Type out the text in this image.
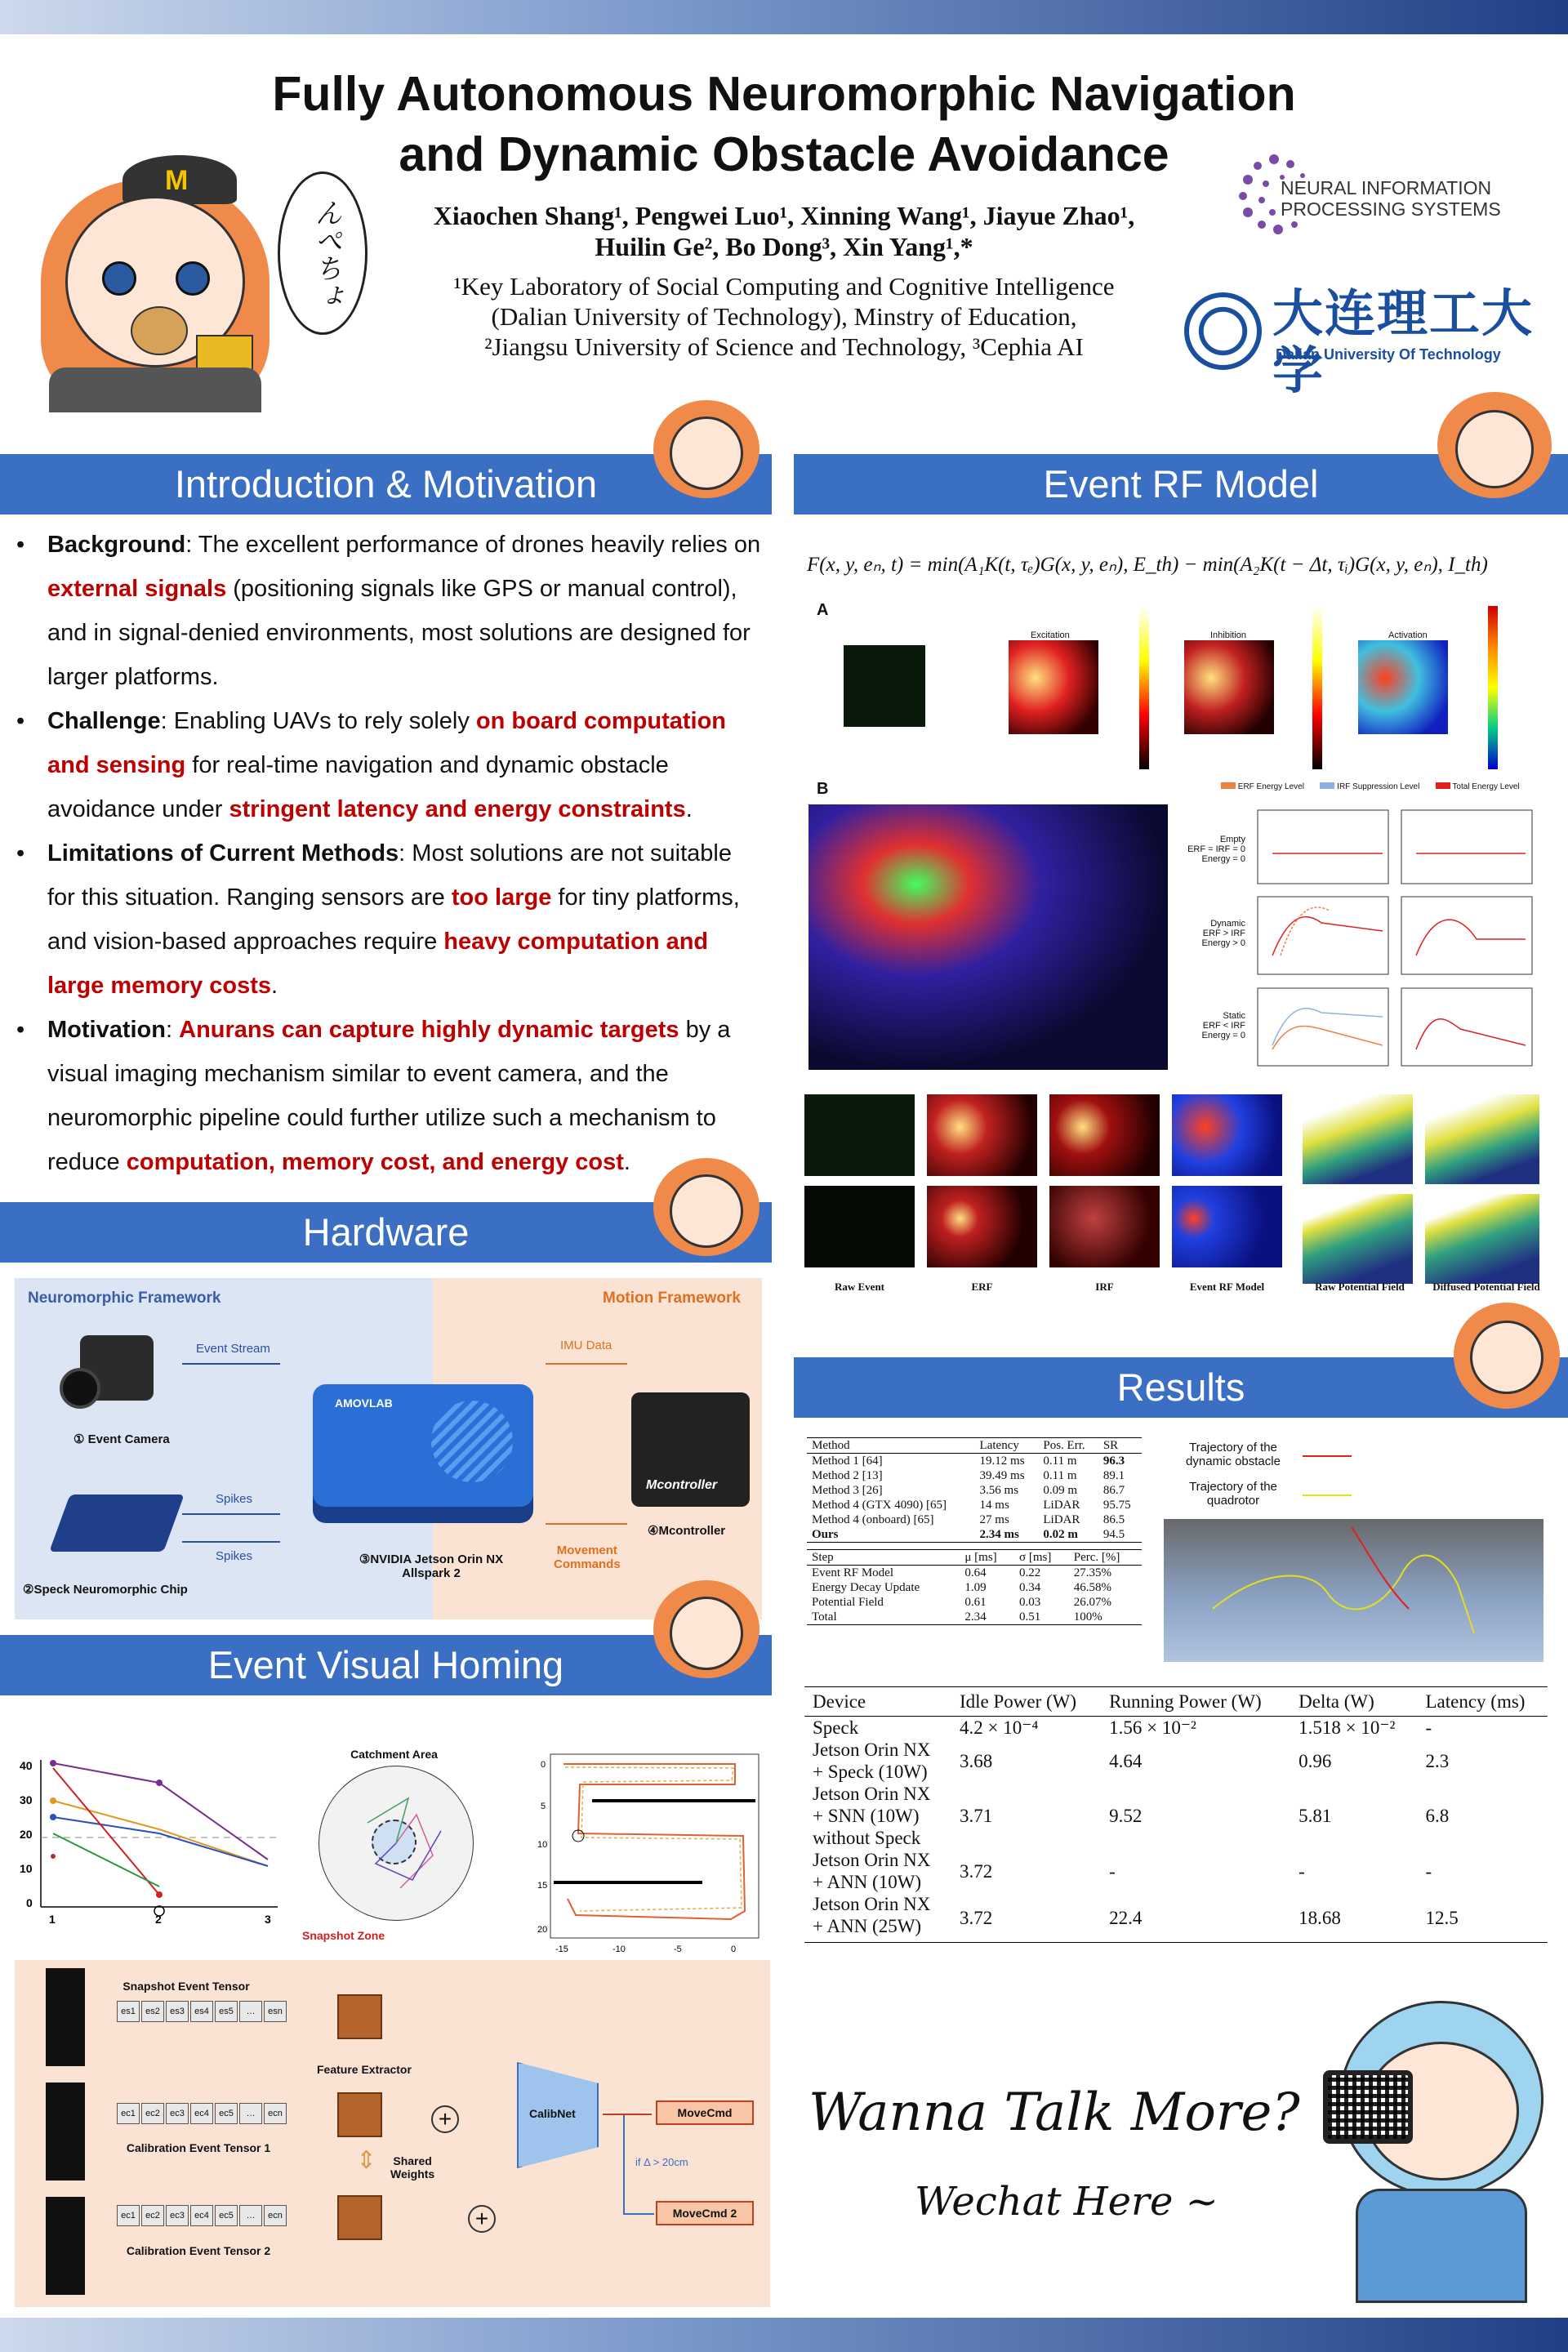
M
んぺちょ
Fully Autonomous Neuromorphic Navigation
and Dynamic Obstacle Avoidance
Xiaochen Shang¹, Pengwei Luo¹, Xinning Wang¹, Jiayue Zhao¹,
Huilin Ge², Bo Dong³, Xin Yang¹,*
¹Key Laboratory of Social Computing and Cognitive Intelligence
(Dalian University of Technology), Minstry of Education,
²Jiangsu University of Science and Technology, ³Cephia AI
NEURAL INFORMATION
PROCESSING SYSTEMS
大连理工大学
Dalian University Of Technology
Introduction & Motivation
• Background: The excellent performance of drones heavily relies on external signals (positioning signals like GPS or manual control), and in signal-denied environments, most solutions are designed for larger platforms.
• Challenge: Enabling UAVs to rely solely on board computation and sensing for real-time navigation and dynamic obstacle avoidance under stringent latency and energy constraints.
• Limitations of Current Methods: Most solutions are not suitable for this situation. Ranging sensors are too large for tiny platforms, and vision-based approaches require heavy computation and large memory costs.
• Motivation: Anurans can capture highly dynamic targets by a visual imaging mechanism similar to event camera, and the neuromorphic pipeline could further utilize such a mechanism to reduce computation, memory cost, and energy cost.
Hardware
Neuromorphic Framework	Motion Framework
① Event Camera
Event Stream
②Speck Neuromorphic Chip
Spikes
Spikes
AMOVLAB
③NVIDIA Jetson Orin NX
Allspark 2
IMU Data
Movement
Commands
Mcontroller
④Mcontroller
Event Visual Homing
40
30
20
10
0
1	2	3
Catchment Area
Snapshot Zone
-15	-10	-5	0
0
5
10
15
20
Snapshot Event Tensor
es1 es2 es3 es4 es5 … esn
ec1 ec2 ec3 ec4 ec5 … ecn
Calibration Event Tensor 1
ec1 ec2 ec3 ec4 ec5 … ecn
Calibration Event Tensor 2
Feature Extractor
Shared
Weights
⇕
+
+
CalibNet	MoveCmd
if Δ > 20cm
MoveCmd 2
Event RF Model
F(x, y, eₙ, t) = min(A₁K(t, τₑ)G(x, y, eₙ), E_th) − min(A₂K(t − Δt, τᵢ)G(x, y, eₙ), I_th)
A
Excitation	Inhibition	Activation
B	ERF Energy Level	IRF Suppression Level	Total Energy Level
Empty
ERF = IRF = 0
Energy = 0
Dynamic
ERF > IRF
Energy > 0
Static
ERF < IRF
Energy = 0
Raw Event	ERF	IRF	Event RF Model	Raw Potential Field	Diffused Potential Field
Results
Method	Latency	Pos. Err.	SR
Method 1 [64]	19.12 ms	0.11 m	96.3
Method 2 [13]	39.49 ms	0.11 m	89.1
Method 3 [26]	3.56 ms	0.09 m	86.7
Method 4 (GTX 4090) [65]	14 ms	LiDAR	95.75
Method 4 (onboard) [65]	27 ms	LiDAR	86.5
Ours	2.34 ms	0.02 m	94.5
Step	μ [ms]	σ [ms]	Perc. [%]
Event RF Model	0.64	0.22	27.35%
Energy Decay Update	1.09	0.34	46.58%
Potential Field	0.61	0.03	26.07%
Total	2.34	0.51	100%
Trajectory of the
dynamic obstacle
Trajectory of the
quadrotor
Device	Idle Power (W)	Running Power (W)	Delta (W)	Latency (ms)
Speck	4.2 × 10⁻⁴	1.56 × 10⁻²	1.518 × 10⁻²	-
Jetson Orin NX + Speck (10W)	3.68	4.64	0.96	2.3
Jetson Orin NX + SNN (10W) without Speck	3.71	9.52	5.81	6.8
Jetson Orin NX + ANN (10W)	3.72	-	-	-
Jetson Orin NX + ANN (25W)	3.72	22.4	18.68	12.5
Wanna Talk More?
Wechat Here ~
